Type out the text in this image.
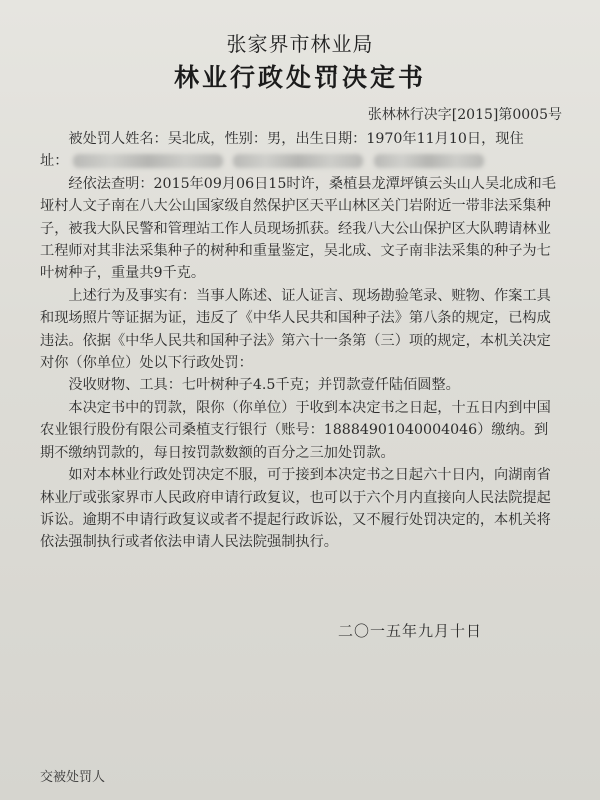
张家界市林业局
林业行政处罚决定书
张林林行决字[2015]第0005号

被处罚人姓名：吴北成，性别：男，出生日期：1970年11月10日，现住

址：

经依法查明：2015年09月06日15时许，桑植县龙潭坪镇云头山人吴北成和毛垭村人文子南在八大公山国家级自然保护区天平山林区关门岩附近一带非法采集种子，被我大队民警和管理站工作人员现场抓获。经我八大公山保护区大队聘请林业工程师对其非法采集种子的树种和重量鉴定，吴北成、文子南非法采集的种子为七叶树种子，重量共9千克。

上述行为及事实有：当事人陈述、证人证言、现场勘验笔录、赃物、作案工具和现场照片等证据为证，违反了《中华人民共和国种子法》第八条的规定，已构成违法。依据《中华人民共和国种子法》第六十一条第（三）项的规定，本机关决定对你（你单位）处以下行政处罚：

没收财物、工具：七叶树种子4.5千克；并罚款壹仟陆佰圆整。

本决定书中的罚款，限你（你单位）于收到本决定书之日起，十五日内到中国农业银行股份有限公司桑植支行银行（账号：18884901040004046）缴纳。到期不缴纳罚款的，每日按罚款数额的百分之三加处罚款。

如对本林业行政处罚决定不服，可于接到本决定书之日起六十日内，向湖南省林业厅或张家界市人民政府申请行政复议，也可以于六个月内直接向人民法院提起诉讼。逾期不申请行政复议或者不提起行政诉讼，又不履行处罚决定的，本机关将依法强制执行或者依法申请人民法院强制执行。

二〇一五年九月十日
交被处罚人
